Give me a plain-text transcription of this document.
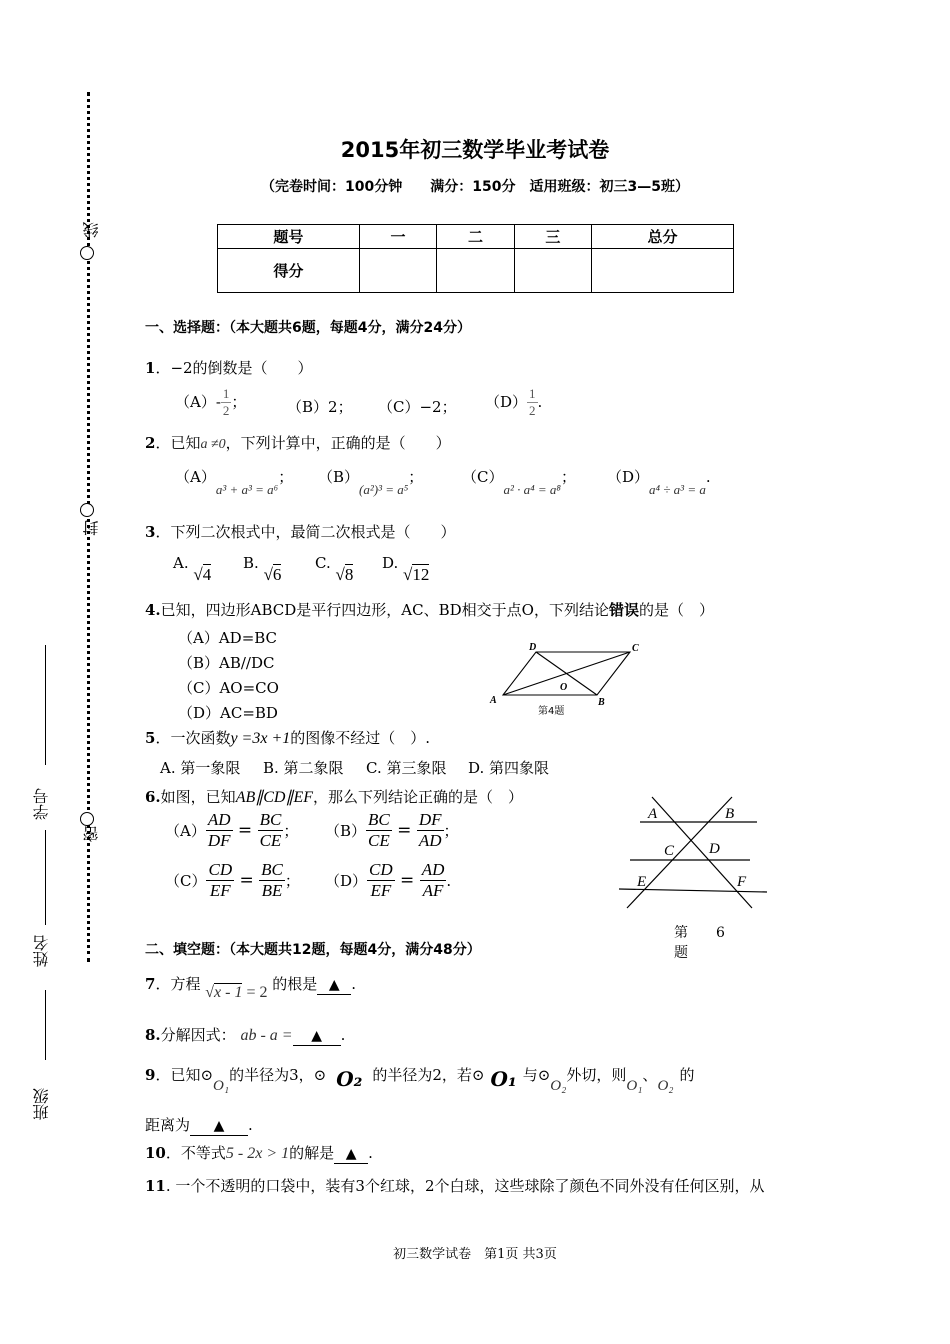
线
封
密
学号
姓名
班级
2015年初三数学毕业考试卷
（完卷时间：100分钟　　满分：150分　适用班级：初三3—5班）
题号	一	二	三	总分
得分				
一、选择题：（本大题共6题，每题4分，满分24分）
1．−2的倒数是（　　）
$(A)- \frac{1}{2}$ ；	（B）2； （C）−2； $(D) \frac{1}{2}$ .
2．已知a ≠0，下列计算中，正确的是（　　）
（A）a³ + a³ = a⁶； （B）(a²)³ = a⁵；	（C）a² · a⁴ = a⁸； （D）a⁴ ÷ a³ = a.
3．下列二次根式中，最简二次根式是（　　）
A. √4
B. √6
C. √8
D. √12
4.已知，四边形ABCD是平行四边形，AC、BD相交于点O，下列结论错误的是（　）
（A）AD=BC
（B）AB//DC
（C）AO=CO
（D）AC=BD
D	C
A	B
O
第4题
5．一次函数y =3x +1的图像不经过（　）.
A. 第一象限 B. 第二象限 C. 第三象限 D. 第四象限
6.如图，已知AB∥CD∥EF，那么下列结论正确的是（　）
$(A) \frac{AD}{DF} = \frac{BC}{CE}$ ； $(B) \frac{BC}{CE} = \frac{DF}{AD}$ ；
$(C) \frac{CD}{EF} = \frac{BC}{BE}$ ； $(D) \frac{CD}{EF} = \frac{AD}{AF}$ .
A	B
C D
E	F
第　　6
题
二、填空题：（本大题共12题，每题4分，满分48分）
7．方程 √x - 1 = 2 的根是 ▲ .
8.分解因式： ab - a = ▲ .
9．已知⊙O₁的半径为3，⊙ O₂ 的半径为2，若⊙ O₁ 与⊙O₂外切，则O₁、O₂的
距离为 ▲ .
10．不等式5 - 2x > 1的解是 ▲ .
11. 一个不透明的口袋中，装有3个红球，2个白球，这些球除了颜色不同外没有任何区别，从
初三数学试卷　第1页 共3页
